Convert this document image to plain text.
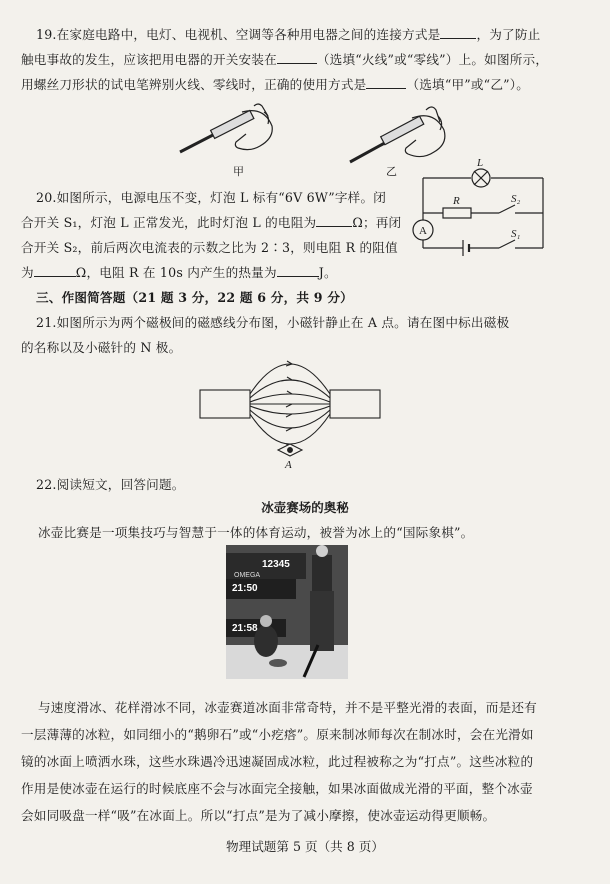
19.在家庭电路中，电灯、电视机、空调等各种用电器之间的连接方式是	，为了防止
触电事故的发生，应该把用电器的开关安装在	（选填“火线”或“零线”）上。如图所示，
用螺丝刀形状的试电笔辨别火线、零线时，正确的使用方式是	（选填“甲”或“乙”）。
甲	乙
20.如图所示，电源电压不变，灯泡 L 标有“6V 6W”字样。闭
合开关 S₁，灯泡 L 正常发光，此时灯泡 L 的电阻为	Ω；再闭
合开关 S₂，前后两次电流表的示数之比为 2∶3，则电阻 R 的阻值
为	Ω，电阻 R 在 10s 内产生的热量为	J。
L
R	S₂
S₁
A
三、作图简答题（21 题 3 分，22 题 6 分，共 9 分）
21.如图所示为两个磁极间的磁感线分布图，小磁针静止在 A 点。请在图中标出磁极
的名称以及小磁针的 N 极。
A
22.阅读短文，回答问题。
冰壶赛场的奥秘
冰壶比赛是一项集技巧与智慧于一体的体育运动，被誉为冰上的“国际象棋”。
12345
OMEGA
21:50
21:58
与速度滑冰、花样滑冰不同，冰壶赛道冰面非常奇特，并不是平整光滑的表面，而是还有
一层薄薄的冰粒，如同细小的“鹅卵石”或“小疙瘩”。原来制冰师每次在制冰时，会在光滑如
镜的冰面上喷洒水珠，这些水珠遇冷迅速凝固成冰粒，此过程被称之为“打点”。这些冰粒的
作用是使冰壶在运行的时候底座不会与冰面完全接触，如果冰面做成光滑的平面，整个冰壶
会如同吸盘一样“吸”在冰面上。所以“打点”是为了减小摩擦，使冰壶运动得更顺畅。
物理试题第 5 页（共 8 页）
